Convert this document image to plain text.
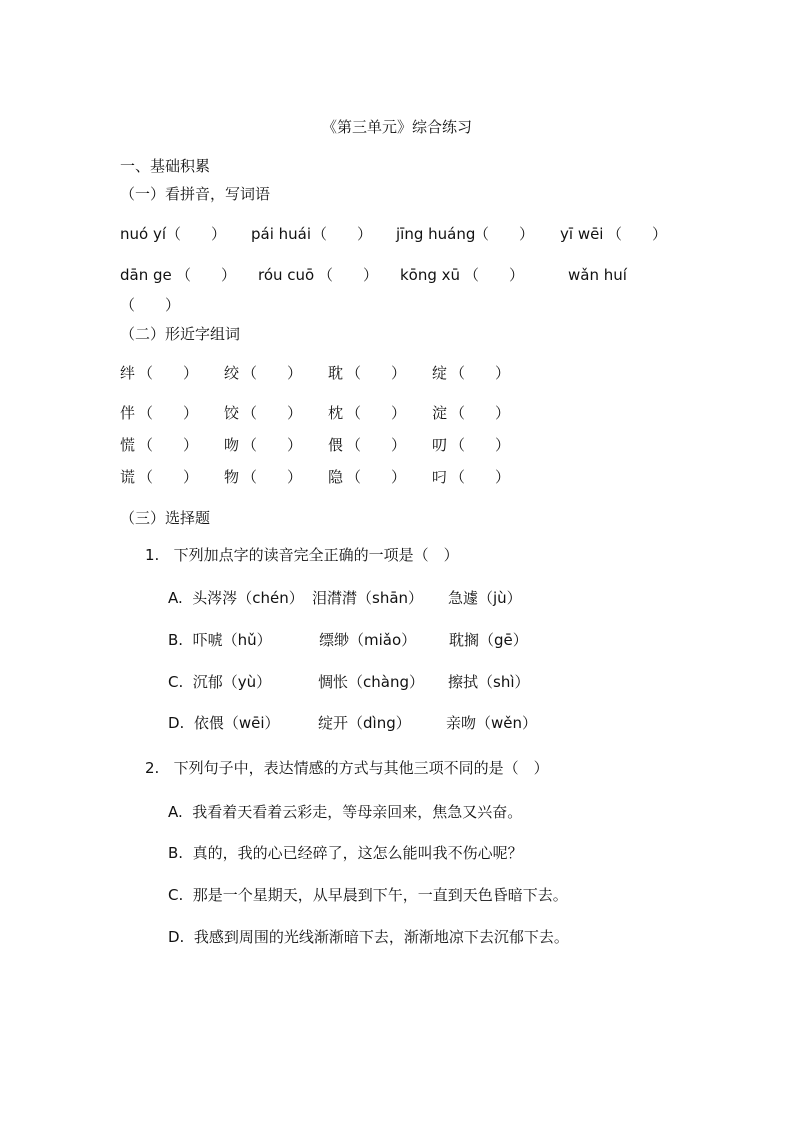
《第三单元》综合练习
一、基础积累
（一）看拼音，写词语
nuó yí （　　） pái huái （　　） jīng huáng
（　　） yī wēi （　　）
dān ge （　　） róu cuō （　　） kōng xū （　　）	wǎn huí
（　　）
（二）形近字组词
绊 （　　） 绞 （　　） 耽 （　　） 绽 （　　）
伴 （　　） 饺 （　　） 枕 （　　） 淀 （　　）
慌 （　　） 吻 （　　） 偎 （　　） 叨 （　　）
谎 （　　） 物 （　　） 隐 （　　） 叼 （　　）
（三）选择题
1.   下列加点字的读音完全正确的一项是（　）
A.  头涔涔（chén） 泪潸潸（shān） 急遽（jù）
B.  吓唬（hǔ）	缥缈（miǎo） 耽搁（gē）
C.  沉郁（yù）	惆怅（chàng） 擦拭（shì）
D.  依偎（wēi）	绽开（dìng） 亲吻（wěn）
2.   下列句子中，表达情感的方式与其他三项不同的是（　）
A.  我看着天看着云彩走，等母亲回来，焦急又兴奋。
B.  真的，我的心已经碎了，这怎么能叫我不伤心呢？
C.  那是一个星期天，从早晨到下午，一直到天色昏暗下去。
D.  我感到周围的光线渐渐暗下去，渐渐地凉下去沉郁下去。
